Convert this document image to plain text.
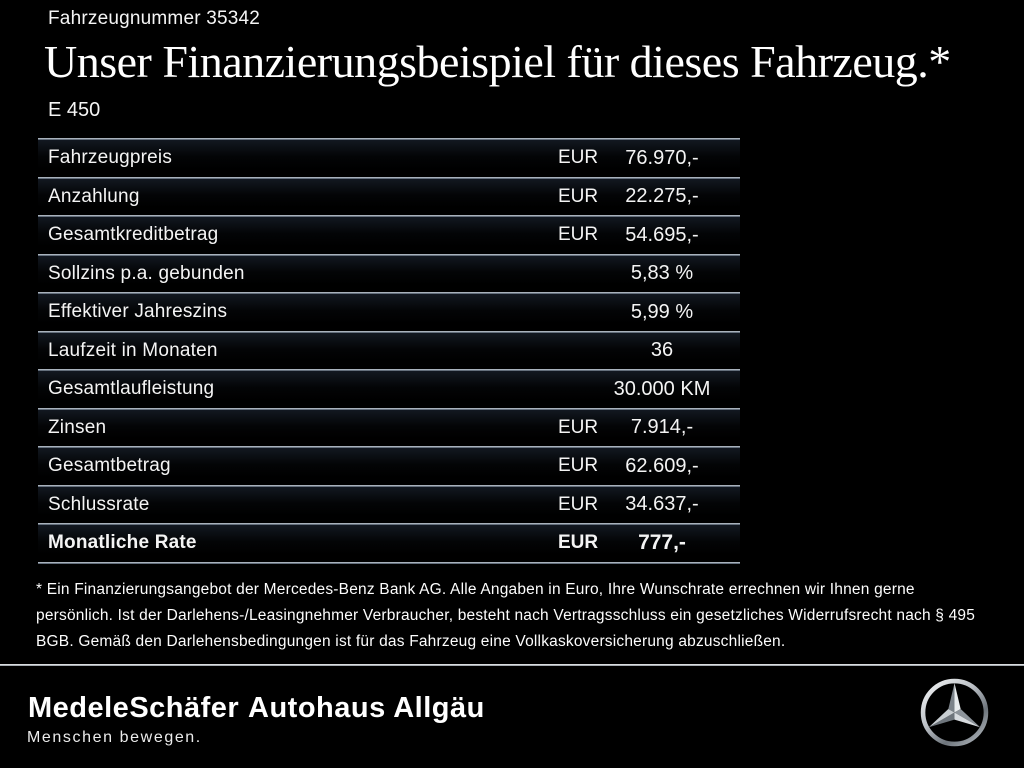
Fahrzeugnummer 35342
Unser Finanzierungsbeispiel für dieses Fahrzeug.*
E 450
Fahrzeugpreis	EUR	76.970,-
Anzahlung	EUR	22.275,-
Gesamtkreditbetrag	EUR	54.695,-
Sollzins p.a. gebunden	5,83 %
Effektiver Jahreszins	5,99 %
Laufzeit in Monaten	36
Gesamtlaufleistung	30.000 KM
Zinsen	EUR	7.914,-
Gesamtbetrag	EUR	62.609,-
Schlussrate	EUR	34.637,-
Monatliche Rate	EUR	777,-
* Ein Finanzierungsangebot der Mercedes-Benz Bank AG. Alle Angaben in Euro, Ihre Wunschrate errechnen wir Ihnen gerne persönlich. Ist der Darlehens-/Leasingnehmer Verbraucher, besteht nach Vertragsschluss ein gesetzliches Widerrufsrecht nach § 495 BGB. Gemäß den Darlehensbedingungen ist für das Fahrzeug eine Vollkaskoversicherung abzuschließen.
MedeleSchäfer
Menschen bewegen.
Autohaus Allgäu
